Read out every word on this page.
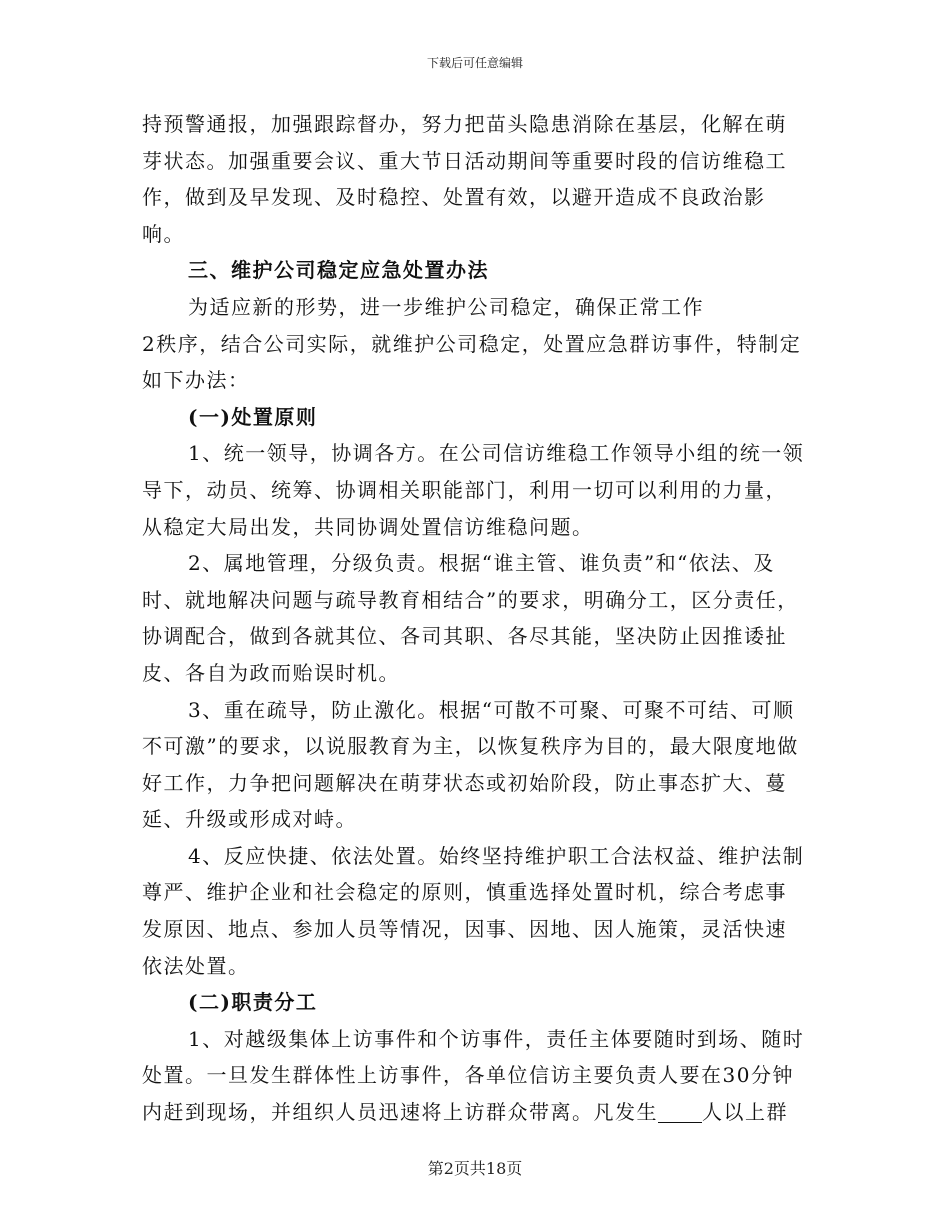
下载后可任意编辑

持预警通报，加强跟踪督办，努力把苗头隐患消除在基层，化解在萌芽状态。加强重要会议、重大节日活动期间等重要时段的信访维稳工作，做到及早发现、及时稳控、处置有效，以避开造成不良政治影响。

三、维护公司稳定应急处置办法

为适应新的形势，进一步维护公司稳定，确保正常工作

2秩序，结合公司实际，就维护公司稳定，处置应急群访事件，特制定如下办法：

(一)处置原则

1、统一领导，协调各方。在公司信访维稳工作领导小组的统一领导下，动员、统筹、协调相关职能部门，利用一切可以利用的力量，从稳定大局出发，共同协调处置信访维稳问题。

2、属地管理，分级负责。根据“谁主管、谁负责”和“依法、及时、就地解决问题与疏导教育相结合”的要求，明确分工，区分责任，协调配合，做到各就其位、各司其职、各尽其能，坚决防止因推诿扯皮、各自为政而贻误时机。

3、重在疏导，防止激化。根据“可散不可聚、可聚不可结、可顺不可激”的要求，以说服教育为主，以恢复秩序为目的，最大限度地做好工作，力争把问题解决在萌芽状态或初始阶段，防止事态扩大、蔓延、升级或形成对峙。

4、反应快捷、依法处置。始终坚持维护职工合法权益、维护法制尊严、维护企业和社会稳定的原则，慎重选择处置时机，综合考虑事发原因、地点、参加人员等情况，因事、因地、因人施策，灵活快速依法处置。

(二)职责分工

1、对越级集体上访事件和个访事件，责任主体要随时到场、随时处置。一旦发生群体性上访事件，各单位信访主要负责人要在30分钟内赶到现场，并组织人员迅速将上访群众带离。凡发生 人以上群

第2页共18页
